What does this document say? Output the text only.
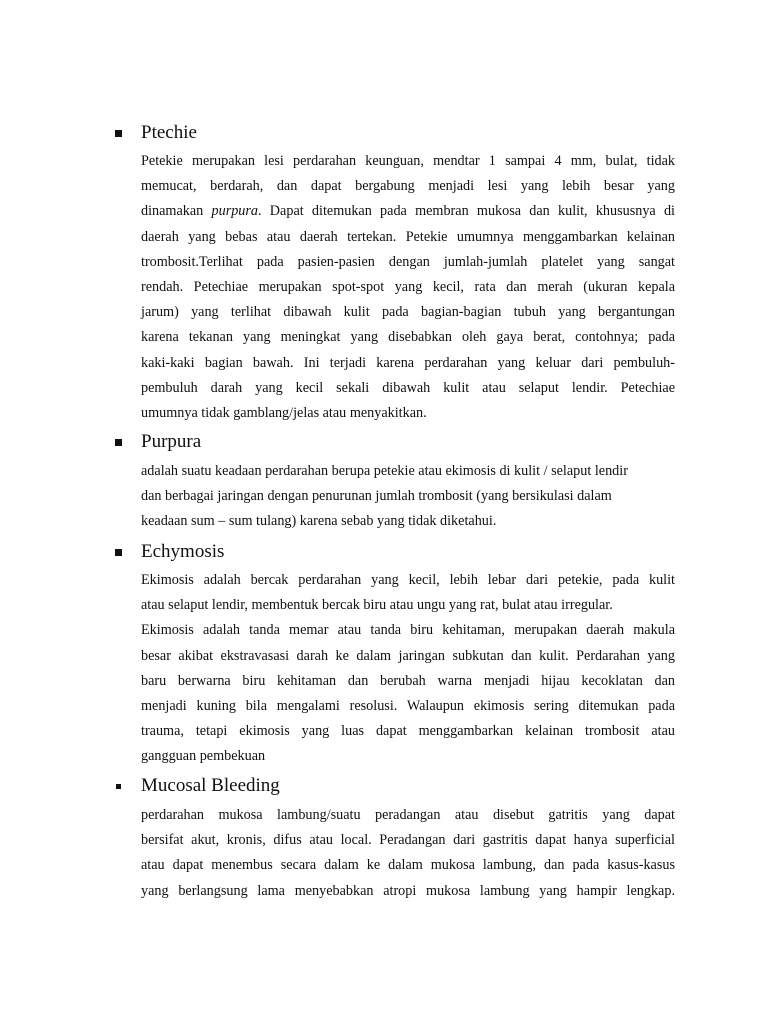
Ptechie
Petekie merupakan lesi perdarahan keunguan, mendtar 1 sampai 4 mm, bulat, tidak
memucat, berdarah, dan dapat bergabung menjadi lesi yang lebih besar yang
dinamakan purpura. Dapat ditemukan pada membran mukosa dan kulit, khususnya di
daerah yang bebas atau daerah tertekan. Petekie umumnya menggambarkan kelainan
trombosit.Terlihat pada pasien-pasien dengan jumlah-jumlah platelet yang sangat
rendah. Petechiae merupakan spot-spot yang kecil, rata dan merah (ukuran kepala
jarum) yang terlihat dibawah kulit pada bagian-bagian tubuh yang bergantungan
karena tekanan yang meningkat yang disebabkan oleh gaya berat, contohnya; pada
kaki-kaki bagian bawah. Ini terjadi karena perdarahan yang keluar dari pembuluh-
pembuluh darah yang kecil sekali dibawah kulit atau selaput lendir. Petechiae
umumnya tidak gamblang/jelas atau menyakitkan.
Purpura
adalah suatu keadaan perdarahan berupa petekie atau ekimosis di kulit / selaput lendir
dan berbagai jaringan dengan penurunan jumlah trombosit (yang bersikulasi dalam
keadaan sum – sum tulang) karena sebab yang tidak diketahui.
Echymosis
Ekimosis adalah bercak perdarahan yang kecil, lebih lebar dari petekie, pada kulit
atau selaput lendir, membentuk bercak biru atau ungu yang rat, bulat atau irregular.
Ekimosis adalah tanda memar atau tanda biru kehitaman, merupakan daerah makula
besar akibat ekstravasasi darah ke dalam jaringan subkutan dan kulit. Perdarahan yang
baru berwarna biru kehitaman dan berubah warna menjadi hijau kecoklatan dan
menjadi kuning bila mengalami resolusi. Walaupun ekimosis sering ditemukan pada
trauma, tetapi ekimosis yang luas dapat menggambarkan kelainan trombosit atau
gangguan pembekuan
Mucosal Bleeding
perdarahan mukosa lambung/suatu peradangan atau disebut gatritis yang dapat
bersifat akut, kronis, difus atau local. Peradangan dari gastritis dapat hanya superficial
atau dapat menembus secara dalam ke dalam mukosa lambung, dan pada kasus-kasus
yang berlangsung lama menyebabkan atropi mukosa lambung yang hampir lengkap.
